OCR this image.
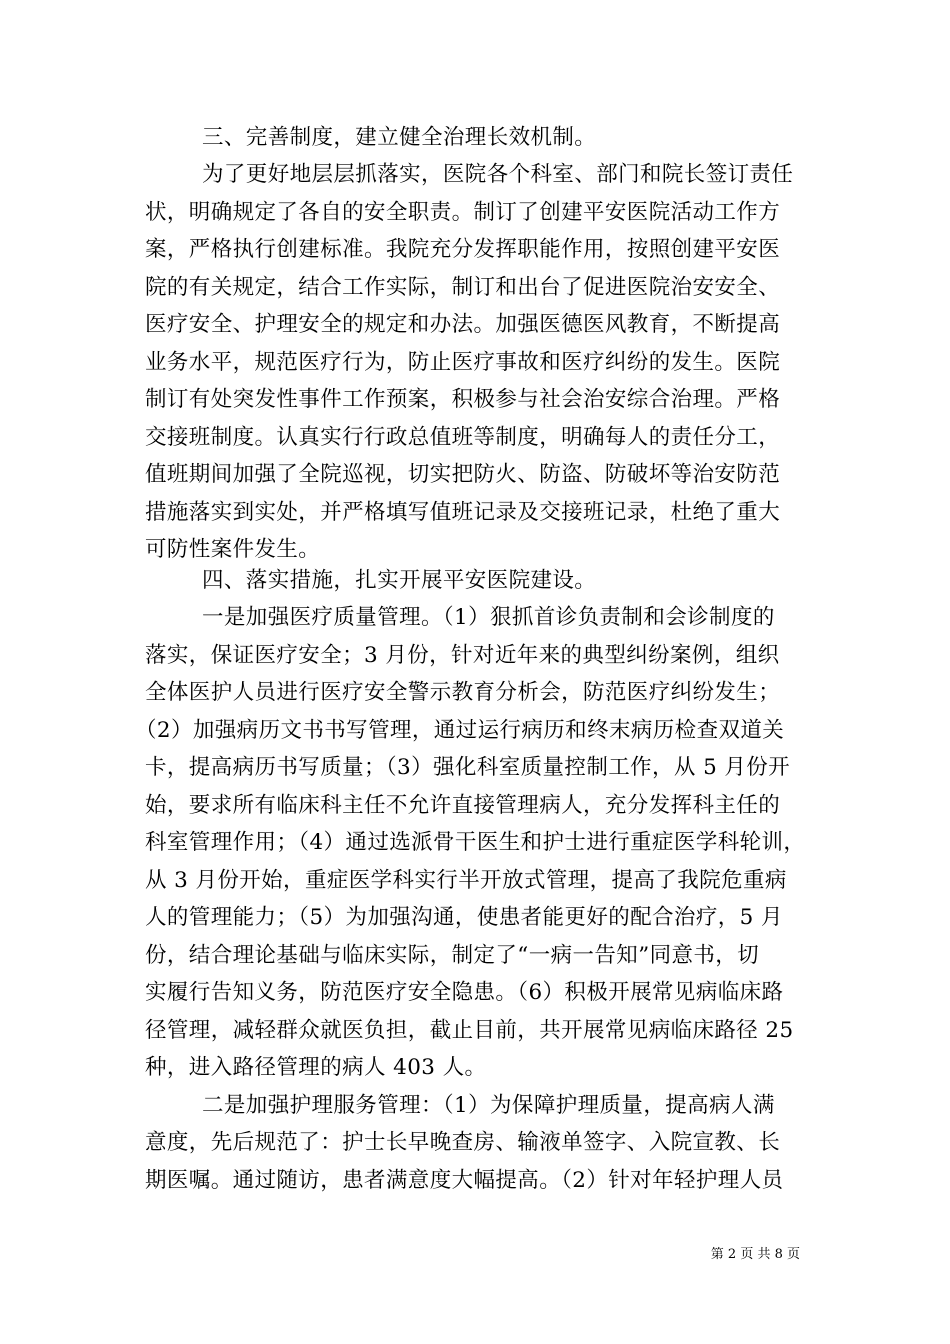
三、完善制度，建立健全治理长效机制。
为了更好地层层抓落实，医院各个科室、部门和院长签订责任
状，明确规定了各自的安全职责。制订了创建平安医院活动工作方
案，严格执行创建标准。我院充分发挥职能作用，按照创建平安医
院的有关规定，结合工作实际，制订和出台了促进医院治安安全、
医疗安全、护理安全的规定和办法。加强医德医风教育，不断提高
业务水平，规范医疗行为，防止医疗事故和医疗纠纷的发生。医院
制订有处突发性事件工作预案，积极参与社会治安综合治理。严格
交接班制度。认真实行行政总值班等制度，明确每人的责任分工，
值班期间加强了全院巡视，切实把防火、防盗、防破坏等治安防范
措施落实到实处，并严格填写值班记录及交接班记录，杜绝了重大
可防性案件发生。
四、落实措施，扎实开展平安医院建设。
一是加强医疗质量管理。（1）狠抓首诊负责制和会诊制度的
落实，保证医疗安全；3 月份，针对近年来的典型纠纷案例，组织
全体医护人员进行医疗安全警示教育分析会，防范医疗纠纷发生；
（2）加强病历文书书写管理，通过运行病历和终末病历检查双道关
卡，提高病历书写质量；（3）强化科室质量控制工作，从 5 月份开
始，要求所有临床科主任不允许直接管理病人，充分发挥科主任的
科室管理作用；（4）通过选派骨干医生和护士进行重症医学科轮训，
从 3 月份开始，重症医学科实行半开放式管理，提高了我院危重病
人的管理能力；（5）为加强沟通，使患者能更好的配合治疗，5 月
份，结合理论基础与临床实际，制定了“一病一告知”同意书，切
实履行告知义务，防范医疗安全隐患。（6）积极开展常见病临床路
径管理，减轻群众就医负担，截止目前，共开展常见病临床路径 25
种，进入路径管理的病人 403 人。
二是加强护理服务管理：（1）为保障护理质量，提高病人满
意度，先后规范了：护士长早晚查房、输液单签字、入院宣教、长
期医嘱。通过随访，患者满意度大幅提高。（2）针对年轻护理人员
第 2 页 共 8 页
